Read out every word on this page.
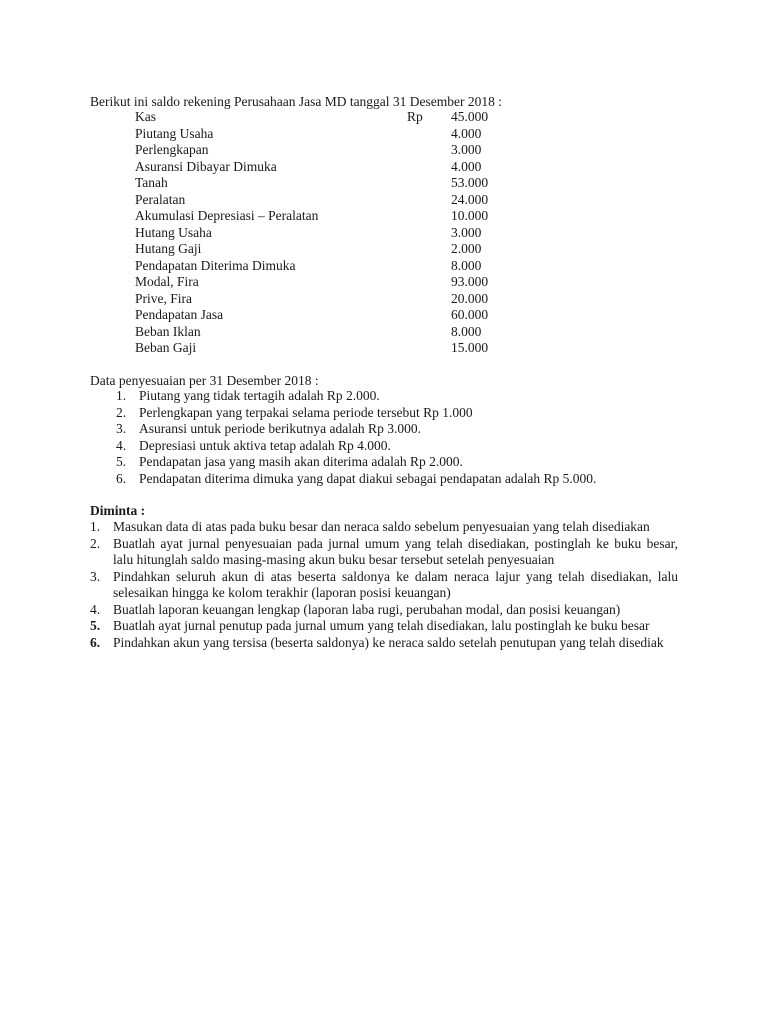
Berikut ini saldo rekening Perusahaan Jasa MD tanggal 31 Desember 2018 :
Kas	Rp 45.000
Piutang Usaha	4.000
Perlengkapan	3.000
Asuransi Dibayar Dimuka	4.000
Tanah	53.000
Peralatan	24.000
Akumulasi Depresiasi – Peralatan	10.000
Hutang Usaha	3.000
Hutang Gaji	2.000
Pendapatan Diterima Dimuka	8.000
Modal, Fira	93.000
Prive, Fira	20.000
Pendapatan Jasa	60.000
Beban Iklan	8.000
Beban Gaji	15.000
Data penyesuaian per 31 Desember 2018 :
1. Piutang yang tidak tertagih adalah Rp 2.000.
2. Perlengkapan yang terpakai selama periode tersebut Rp 1.000
3. Asuransi untuk periode berikutnya adalah Rp 3.000.
4. Depresiasi untuk aktiva tetap adalah Rp 4.000.
5. Pendapatan jasa yang masih akan diterima adalah Rp 2.000.
6. Pendapatan diterima dimuka yang dapat diakui sebagai pendapatan adalah Rp 5.000.
Diminta :
1. Masukan data di atas pada buku besar dan neraca saldo sebelum penyesuaian yang telah disediakan
2. Buatlah ayat jurnal penyesuaian pada jurnal umum yang telah disediakan, postinglah ke buku besar,
lalu hitunglah saldo masing-masing akun buku besar tersebut setelah penyesuaian
3. Pindahkan seluruh akun di atas beserta saldonya ke dalam neraca lajur yang telah disediakan, lalu
selesaikan hingga ke kolom terakhir (laporan posisi keuangan)
4. Buatlah laporan keuangan lengkap (laporan laba rugi, perubahan modal, dan posisi keuangan)
5. Buatlah ayat jurnal penutup pada jurnal umum yang telah disediakan, lalu postinglah ke buku besar
6. Pindahkan akun yang tersisa (beserta saldonya) ke neraca saldo setelah penutupan yang telah disediak
